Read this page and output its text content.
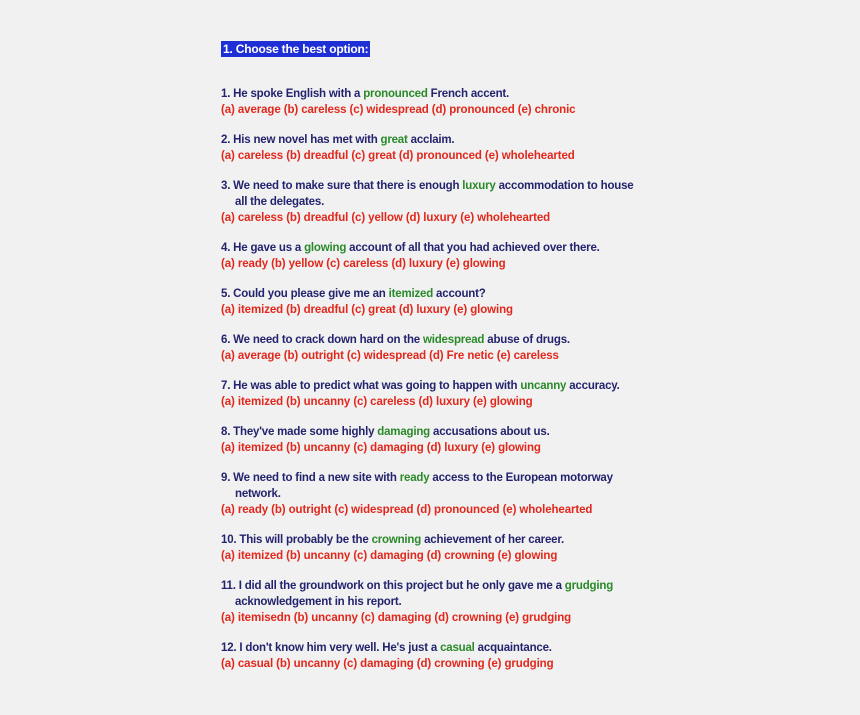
1. Choose the best option:
1. He spoke English with a pronounced French accent.
(a) average (b) careless (c) widespread (d) pronounced (e) chronic
2. His new novel has met with great acclaim.
(a) careless (b) dreadful (c) great (d) pronounced (e) wholehearted
3. We need to make sure that there is enough luxury accommodation to house
all the delegates.
(a) careless (b) dreadful (c) yellow (d) luxury (e) wholehearted
4. He gave us a glowing account of all that you had achieved over there.
(a) ready (b) yellow (c) careless (d) luxury (e) glowing
5. Could you please give me an itemized account?
(a) itemized (b) dreadful (c) great (d) luxury (e) glowing
6. We need to crack down hard on the widespread abuse of drugs.
(a) average (b) outright (c) widespread (d) Fre netic (e) careless
7. He was able to predict what was going to happen with uncanny accuracy.
(a) itemized (b) uncanny (c) careless (d) luxury (e) glowing
8. They've made some highly damaging accusations about us.
(a) itemized (b) uncanny (c) damaging (d) luxury (e) glowing
9. We need to find a new site with ready access to the European motorway
network.
(a) ready (b) outright (c) widespread (d) pronounced (e) wholehearted
10. This will probably be the crowning achievement of her career.
(a) itemized (b) uncanny (c) damaging (d) crowning (e) glowing
11. I did all the groundwork on this project but he only gave me a grudging
acknowledgement in his report.
(a) itemisedn (b) uncanny (c) damaging (d) crowning (e) grudging
12. I don't know him very well. He's just a casual acquaintance.
(a) casual (b) uncanny (c) damaging (d) crowning (e) grudging
